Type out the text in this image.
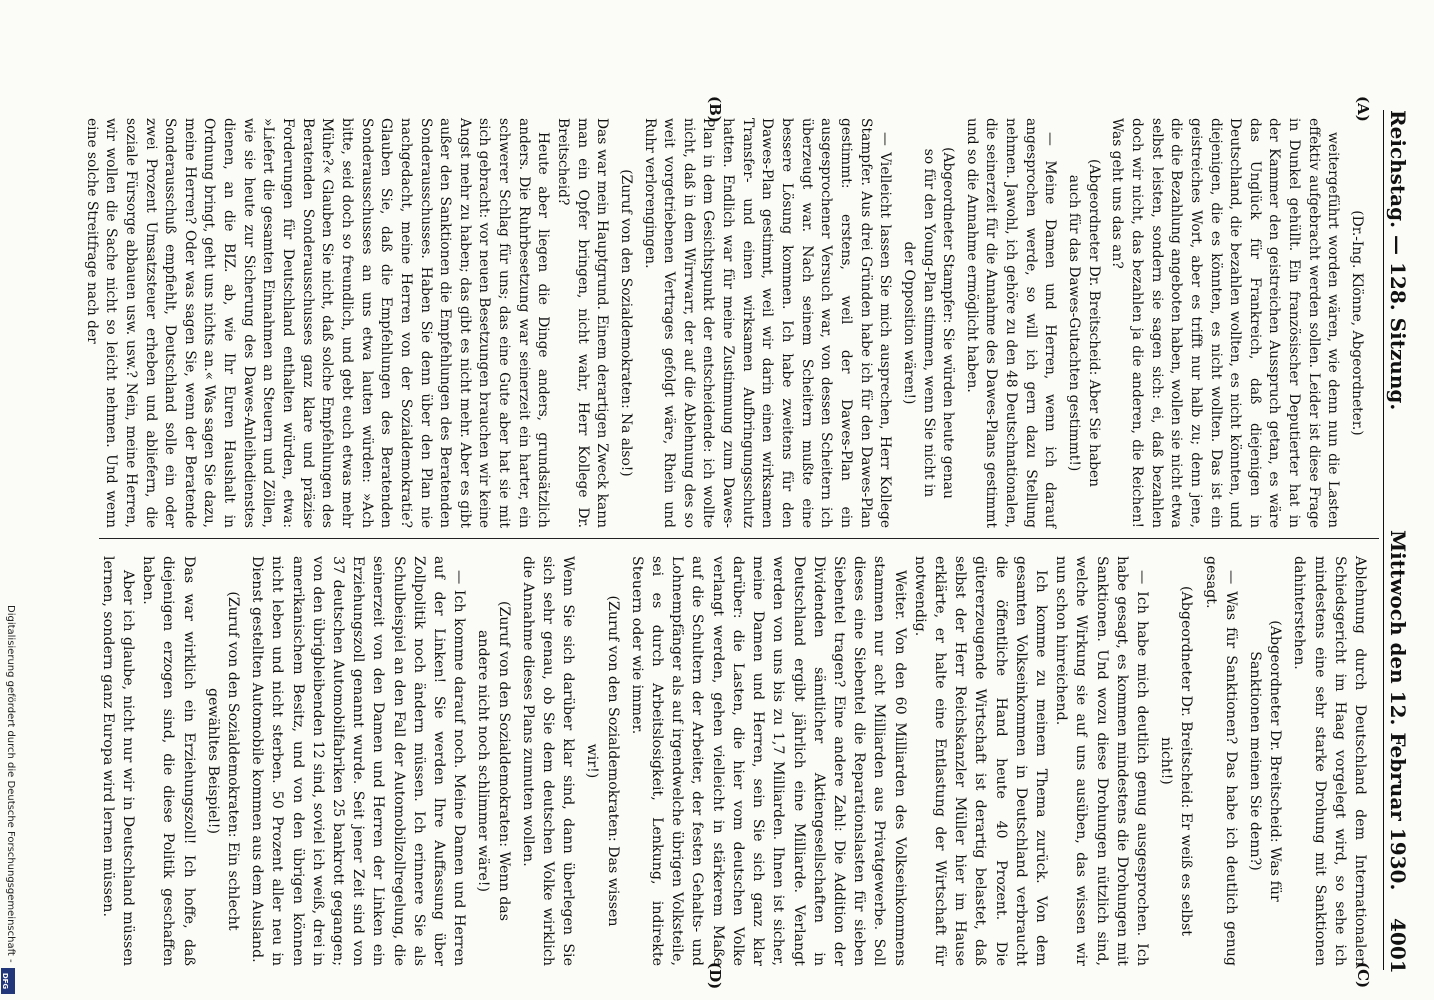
Reichstag. — 128. Sitzung.
Mittwoch den 12. Februar 1930.
4001
(A)
(B)
(C)
(D)

(Dr.-Ing. Klönne, Abgeordneter.)

weitergeführt worden wären, wie denn nun die Lasten effektiv aufgebracht werden sollen. Leider ist diese Frage in Dunkel gehüllt. Ein französischer Deputierter hat in der Kammer den geistreichen Ausspruch getan, es wäre das Unglück für Frankreich, daß diejenigen in Deutschland, die bezahlen wollten, es nicht könnten, und diejenigen, die es könnten, es nicht wollten. Das ist ein geistreiches Wort, aber es trifft nur halb zu; denn jene, die die Bezahlung angeboten haben, wollen sie nicht etwa selbst leisten, sondern sie sagen sich: ei, daß bezahlen doch wir nicht, das bezahlen ja die anderen, die Reichen! Was geht uns das an?

(Abgeordneter Dr. Breitscheid: Aber Sie haben auch für das Dawes-Gutachten gestimmt!)

— Meine Damen und Herren, wenn ich darauf angesprochen werde, so will ich gern dazu Stellung nehmen. Jawohl, ich gehöre zu den 48 Deutschnationalen, die seinerzeit für die Annahme des Dawes-Plans gestimmt und so die Annahme ermöglicht haben.

(Abgeordneter Stampfer: Sie würden heute genau so für den Young-Plan stimmen, wenn Sie nicht in der Opposition wären!)

— Vielleicht lassen Sie mich ausprechen, Herr Kollege Stampfer. Aus drei Gründen habe ich für den Dawes-Plan gestimmt: erstens, weil der Dawes-Plan ein ausgesprochener Versuch war, von dessen Scheitern ich überzeugt war. Nach seinem Scheitern mußte eine bessere Lösung kommen. Ich habe zweitens für den Dawes-Plan gestimmt, weil wir darin einen wirksamen Transfer- und einen wirksamen Aufbringungsschutz hatten. Endlich war für meine Zustimmung zum Dawes-Plan in dem Gesichtspunkt der entscheidende: ich wollte nicht, daß in dem Wirrwarr, der auf die Ablehnung des so weit vorgetriebenen Vertrages gefolgt wäre, Rhein und Ruhr verlorengingen.

(Zuruf von den Sozialdemokraten: Na also!)

Das war mein Hauptgrund. Einem derartigen Zweck kann man ein Opfer bringen, nicht wahr, Herr Kollege Dr. Breitscheid?

Heute aber liegen die Dinge anders, grundsätzlich anders. Die Ruhrbesetzung war seinerzeit ein harter, ein schwerer Schlag für uns; das eine Gute aber hat sie mit sich gebracht: vor neuen Besetzungen brauchen wir keine Angst mehr zu haben; das gibt es nicht mehr. Aber es gibt außer den Sanktionen die Empfehlungen des Beratenden Sonderausschusses. Haben Sie denn über den Plan nie nachgedacht, meine Herren von der Sozialdemokratie? Glauben Sie, daß die Empfehlungen des Beratenden Sonderausschusses an uns etwa lauten würden: »Ach bitte, seid doch so freundlich, und gebt euch etwas mehr Mühe?« Glauben Sie nicht, daß solche Empfehlungen des Beratenden Sonderausschusses ganz klare und präzise Forderungen für Deutschland enthalten würden, etwa: »Liefert die gesamten Einnahmen an Steuern und Zöllen, wie sie heute zur Sicherung des Dawes-Anleihedienstes dienen, an die BIZ. ab, wie Ihr Euren Haushalt in Ordnung bringt, geht uns nichts an.« Was sagen Sie dazu, meine Herren? Oder was sagen Sie, wenn der Beratende Sonderausschuß empfiehlt, Deutschland solle ein oder zwei Prozent Umsatzsteuer erheben und abliefern, die soziale Fürsorge abbauen usw. usw.? Nein, meine Herren, wir wollen die Sache nicht so leicht nehmen. Und wenn eine solche Streitfrage nach der

Ablehnung durch Deutschland dem Internationalen Schiedsgericht im Haag vorgelegt wird, so sehe ich mindestens eine sehr starke Drohung mit Sanktionen dahinterstehen.

(Abgeordneter Dr. Breitscheid: Was für Sanktionen meinen Sie denn?)

— Was für Sanktionen? Das habe ich deutlich genug gesagt.

(Abgeordneter Dr. Breitscheid: Er weiß es selbst nicht!)

— Ich habe mich deutlich genug ausgesprochen. Ich habe gesagt, es kommen mindestens die Drohungen mit Sanktionen. Und wozu diese Drohungen nützlich sind, welche Wirkung sie auf uns ausüben, das wissen wir nun schon hinreichend.

Ich komme zu meinem Thema zurück. Von dem gesamten Volkseinkommen in Deutschland verbraucht die öffentliche Hand heute 40 Prozent. Die gütererzeugende Wirtschaft ist derartig belastet, daß selbst der Herr Reichskanzler Müller hier im Hause erklärte, er halte eine Entlastung der Wirtschaft für notwendig.

Weiter. Von den 60 Milliarden des Volkseinkommens stammen nur acht Milliarden aus Privatgewerbe. Soll dieses eine Siebentel die Reparationslasten für sieben Siebentel tragen? Eine andere Zahl: Die Addition der Dividenden sämtlicher Aktiengesellschaften in Deutschland ergibt jährlich eine Milliarde. Verlangt werden von uns bis zu 1,7 Milliarden. Ihnen ist sicher, meine Damen und Herren, sein Sie sich ganz klar darüber: die Lasten, die hier vom deutschen Volke verlangt werden, gehen vielleicht in stärkerem Maße auf die Schultern der Arbeiter, der festen Gehalts- und Lohnempfänger als auf irgendwelche übrigen Volksteile, sei es durch Arbeitslosigkeit, Lenkung, indirekte Steuern oder wie immer.

(Zuruf von den Sozialdemokraten: Das wissen wir!)

Wenn Sie sich darüber klar sind, dann überlegen Sie sich sehr genau, ob Sie dem deutschen Volke wirklich die Annahme dieses Plans zumuten wollen.

(Zuruf von den Sozialdemokraten: Wenn das andere nicht noch schlimmer wäre!)

— Ich komme darauf noch. Meine Damen und Herren auf der Linken! Sie werden Ihre Auffassung über Zollpolitik noch ändern müssen. Ich erinnere Sie als Schulbeispiel an den Fall der Automobilzollregelung, die seinerzeit von den Damen und Herren der Linken ein Erziehungszoll genannt wurde. Seit jener Zeit sind von 37 deutschen Automobilfabriken 25 bankrott gegangen; von den übrigbleibenden 12 sind, soviel ich weiß, drei in amerikanischem Besitz, und von den übrigen können nicht leben und nicht sterben. 50 Prozent aller neu in Dienst gestellten Automobile kommen aus dem Ausland.

(Zuruf von den Sozialdemokraten: Ein schlecht gewähltes Beispiel!)

Das war wirklich ein Erziehungszoll! Ich hoffe, daß diejenigen erzogen sind, die diese Politik geschaffen haben.

Aber ich glaube, nicht nur wir in Deutschland müssen lernen, sondern ganz Europa wird lernen müssen.

Digitalisierung gefördert durch die Deutsche Forschungsgemeinschaft -
DFG
